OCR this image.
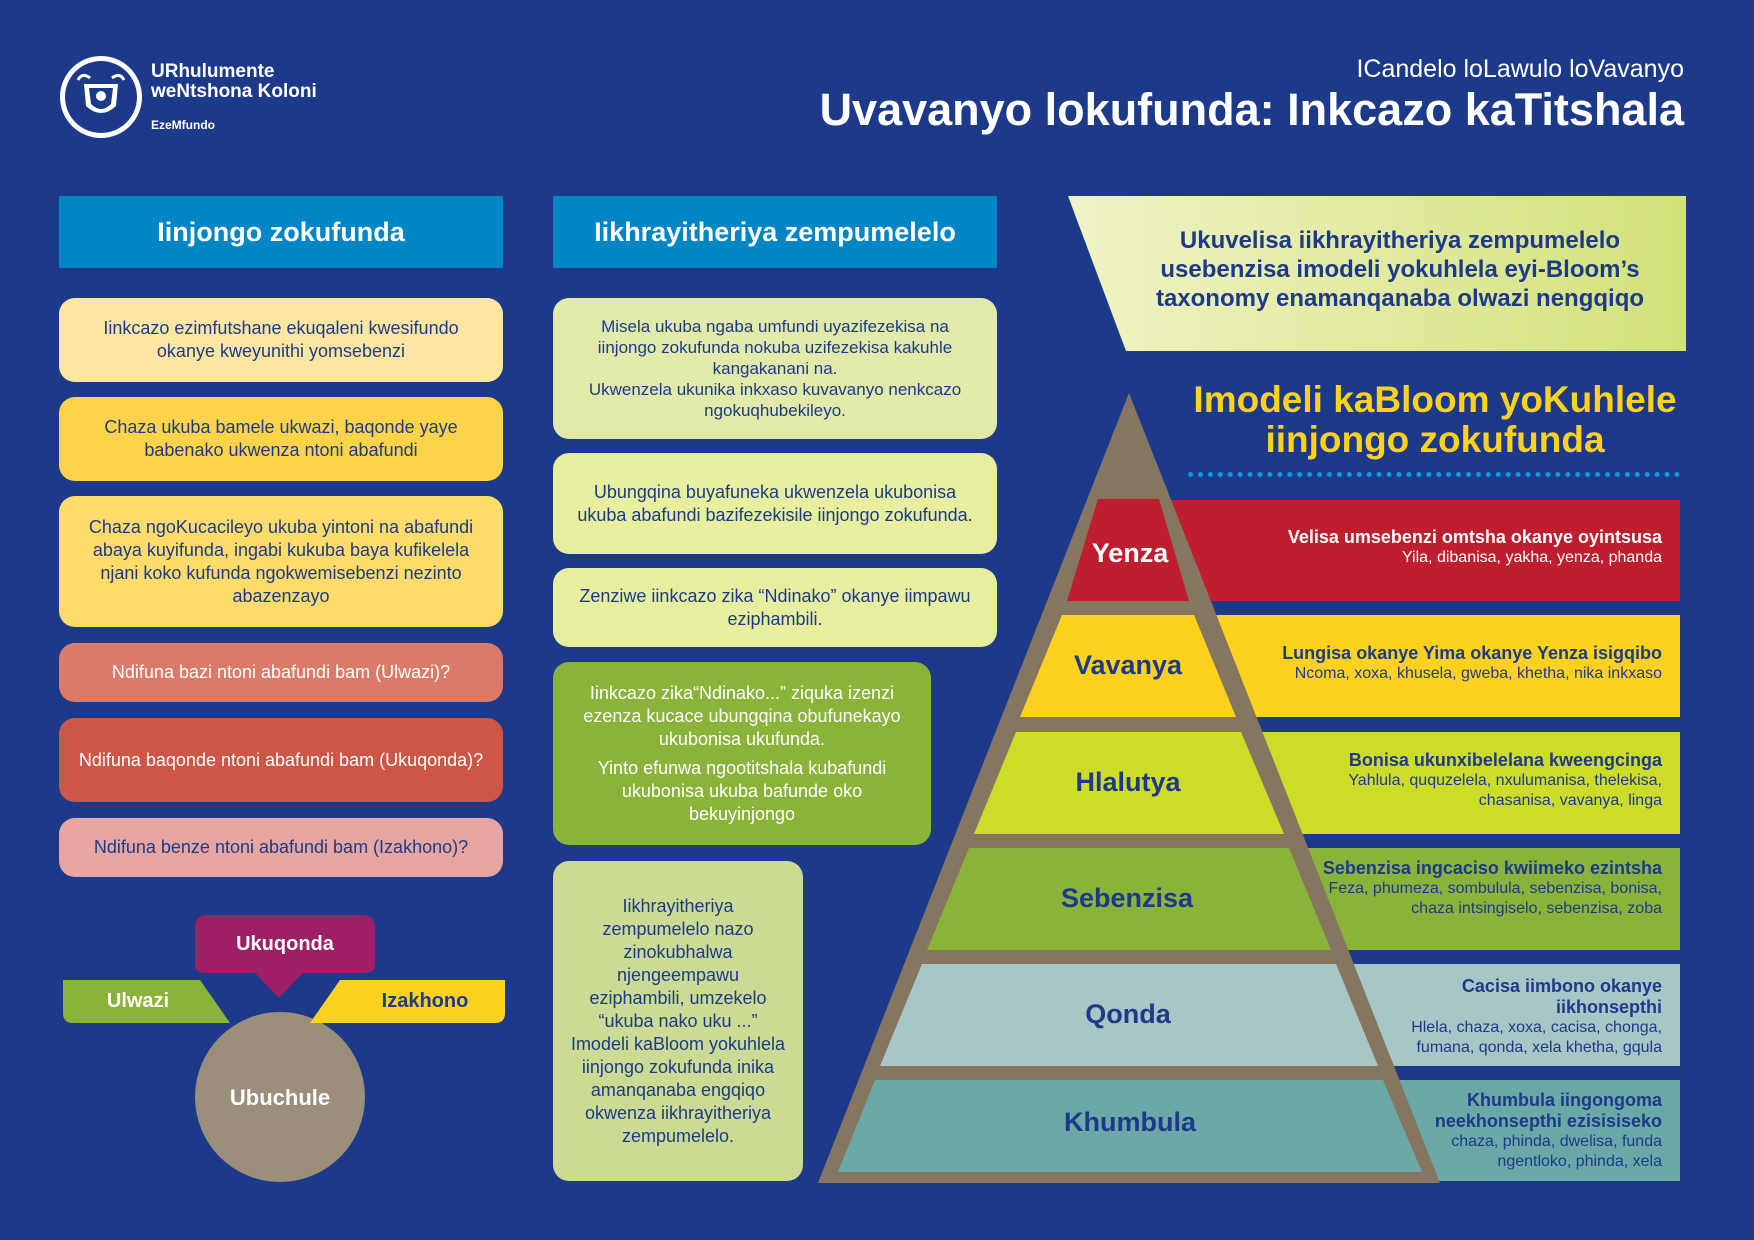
URhulumente
weNtshona Koloni
EzeMfundo
ICandelo loLawulo loVavanyo
Uvavanyo lokufunda: Inkcazo kaTitshala
Iinjongo zokufunda
Iinkcazo ezimfutshane ekuqaleni kwesifundo okanye kweyunithi yomsebenzi
Chaza ukuba bamele ukwazi, baqonde yaye babenako ukwenza ntoni abafundi
Chaza ngoKucacileyo ukuba yintoni na abafundi abaya kuyifunda, ingabi kukuba baya kufikelela njani koko kufunda ngokwemisebenzi nezinto abazenzayo
Ndifuna bazi ntoni abafundi bam (Ulwazi)?
Ndifuna baqonde ntoni abafundi bam (Ukuqonda)?
Ndifuna benze ntoni abafundi bam (Izakhono)?
Ukuqonda
Ulwazi	Izakhono
Ubuchule
Iikhrayitheriya zempumelelo
Misela ukuba ngaba umfundi uyazifezekisa na iinjongo zokufunda nokuba uzifezekisa kakuhle kangakanani na.
Ukwenzela ukunika inkxaso kuvavanyo nenkcazo ngokuqhubekileyo.
Ubungqina buyafuneka ukwenzela ukubonisa ukuba abafundi bazifezekisile iinjongo zokufunda.
Zenziwe iinkcazo zika “Ndinako” okanye iimpawu eziphambili.
Iinkcazo zika“Ndinako...” ziquka izenzi ezenza kucace ubungqina obufunekayo ukubonisa ukufunda.
Yinto efunwa ngootitshala kubafundi ukubonisa ukuba bafunde oko bekuyinjongo
Iikhrayitheriya zempumelelo nazo zinokubhalwa njengeempawu eziphambili, umzekelo “ukuba nako uku ...” Imodeli kaBloom yokuhlela iinjongo zokufunda inika amanqanaba engqiqo okwenza iikhrayitheriya zempumelelo.
Ukuvelisa iikhrayitheriya zempumelelo usebenzisa imodeli yokuhlela eyi-Bloom’s taxonomy enamanqanaba olwazi nengqiqo
Imodeli kaBloom yoKuhlele iinjongo zokufunda
Yenza
Vavanya
Hlalutya
Sebenzisa
Qonda
Khumbula
Velisa umsebenzi omtsha okanye oyintsusa
Yila, dibanisa, yakha, yenza, phanda
Lungisa okanye Yima okanye Yenza isigqibo
Ncoma, xoxa, khusela, gweba, khetha, nika inkxaso
Bonisa ukunxibelelana kweengcinga
Yahlula, ququzelela, nxulumanisa, thelekisa, chasanisa, vavanya, linga
Sebenzisa ingcaciso kwiimeko ezintsha
Feza, phumeza, sombulula, sebenzisa, bonisa, chaza intsingiselo, sebenzisa, zoba
Cacisa iimbono okanye iikhonsepthi
Hlela, chaza, xoxa, cacisa, chonga, fumana, qonda, xela khetha, gqula
Khumbula iingongoma neekhonsepthi ezisisiseko
chaza, phinda, dwelisa, funda ngentloko, phinda, xela
